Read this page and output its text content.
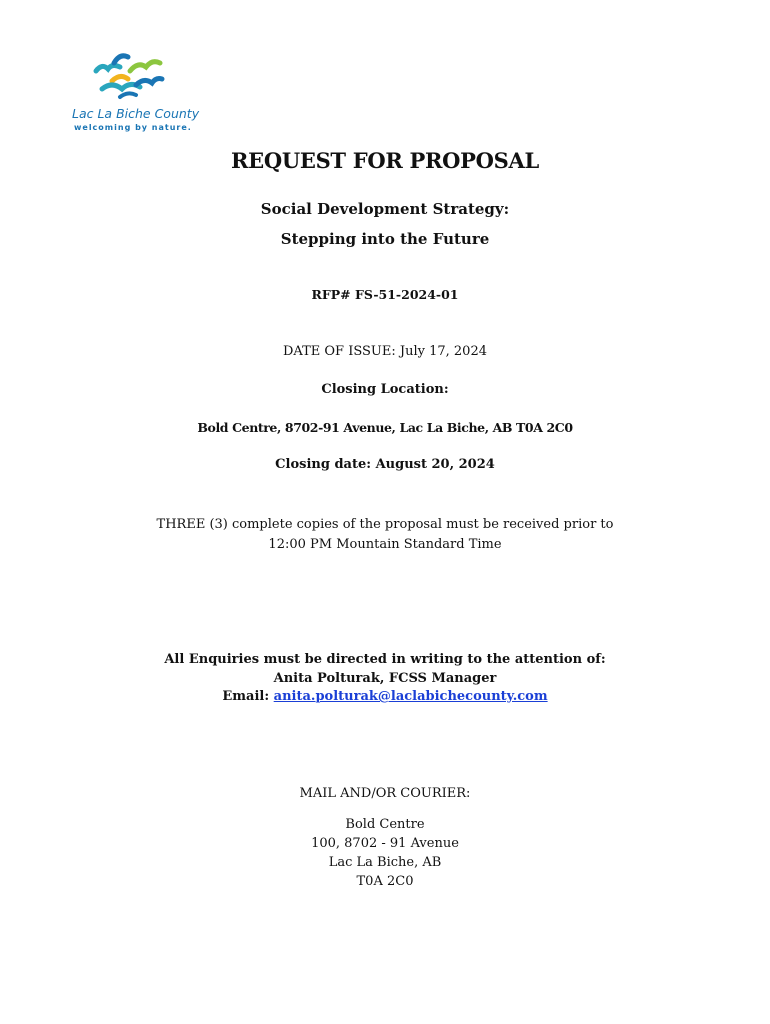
Lac La Biche County
welcoming by nature.
REQUEST FOR PROPOSAL
Social Development Strategy:
Stepping into the Future
RFP# FS-51-2024-01
DATE OF ISSUE: July 17, 2024
Closing Location:
Bold Centre, 8702-91 Avenue, Lac La Biche, AB T0A 2C0
Closing date: August 20, 2024
THREE (3) complete copies of the proposal must be received prior to
12:00 PM Mountain Standard Time
All Enquiries must be directed in writing to the attention of:
Anita Polturak, FCSS Manager
Email: anita.polturak@laclabichecounty.com
MAIL AND/OR COURIER:
Bold Centre
100, 8702 - 91 Avenue
Lac La Biche, AB
T0A 2C0
